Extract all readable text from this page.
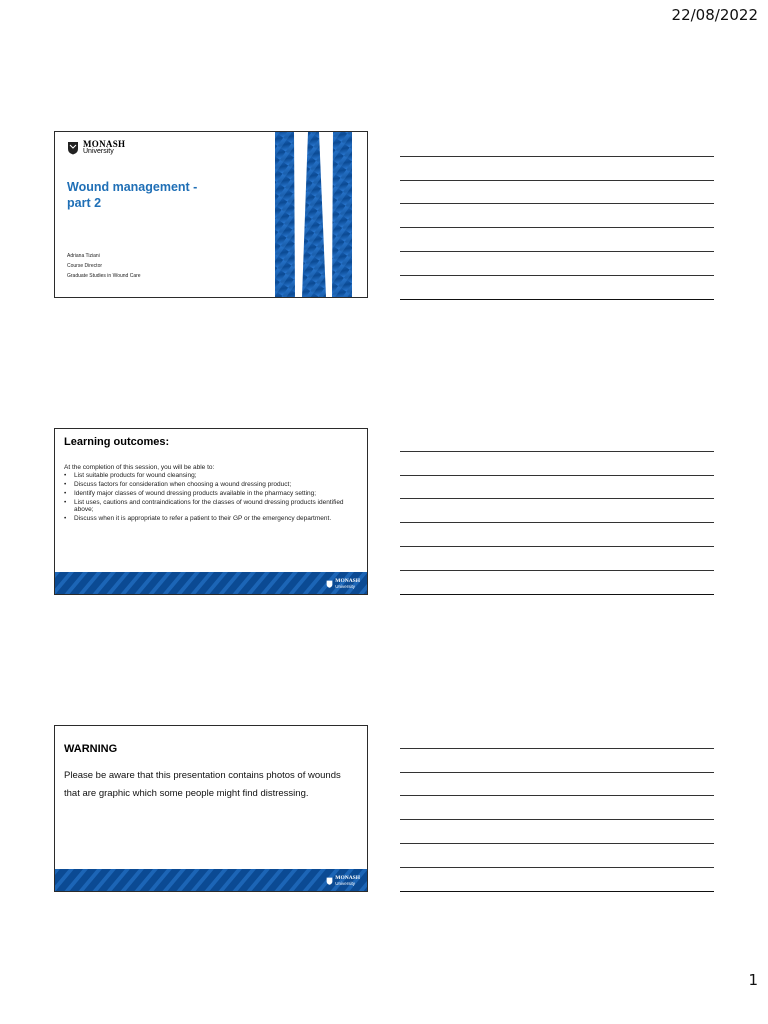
22/08/2022
MONASH
University
Wound management -
part 2
Adriana Tiziani
Course Director
Graduate Studies in Wound Care
Learning outcomes:
At the completion of this session, you will be able to:
• List suitable products for wound cleansing;
• Discuss factors for consideration when choosing a wound dressing product;
• Identify major classes of wound dressing products available in the pharmacy setting;
• List uses, cautions and contraindications for the classes of wound dressing products identified above;
• Discuss when it is appropriate to refer a patient to their GP or the emergency department.
MONASH
University
WARNING
Please be aware that this presentation contains photos of wounds that are graphic which some people might find distressing.
MONASH
University
1
